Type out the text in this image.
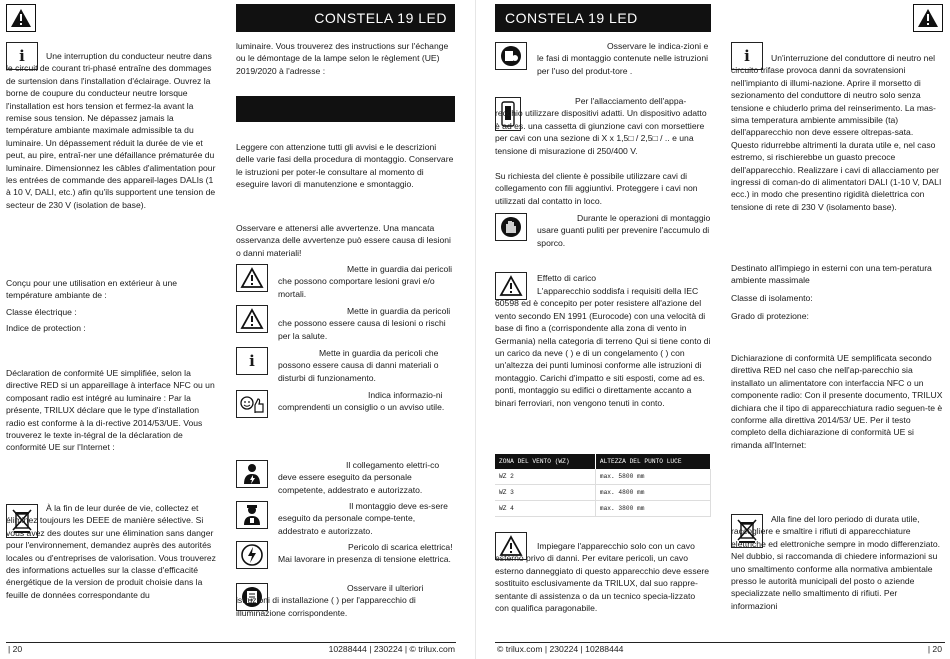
CONSTELA 19 LED
i	Une interruption du conducteur neutre dans le circuit de courant tri-phasé entraîne des dommages de surtension dans l'installation d'éclairage. Ouvrez la borne de coupure du conducteur neutre lorsque l'installation est hors tension et fermez-la avant la remise sous tension. Ne dépassez jamais la température ambiante maximale admissible ta du luminaire. Un dépassement réduit la durée de vie et peut, au pire, entraî-ner une défaillance prématurée du luminaire. Dimensionnez les câbles d'alimentation pour les entrées de commande des appareil-lages DALIs (1 à 10 V, DALI, etc.) afin qu'ils supportent une tension de secteur de 230 V (isolation de base).

Conçu pour une utilisation en extérieur à une température ambiante de :

Classe électrique :

Indice de protection :

Déclaration de conformité UE simplifiée, selon la directive RED si un appareillage à interface NFC ou un composant radio est intégré au luminaire : Par la présente, TRILUX déclare que le type d'installation radio est conforme à la di-rective 2014/53/UE. Vous trouverez le texte in-tégral de la déclaration de conformité UE sur l'Internet :

À la fin de leur durée de vie, collectez et éliminez toujours les DEEE de manière sélective. Si vous avez des doutes sur une élimination sans danger pour l'environnement, demandez auprès des autorités locales ou d'entreprises de valorisation. Vous trouverez des informations actuelles sur la classe d'efficacité énergétique de la version de produit choisie dans la feuille de données correspondante du

luminaire. Vous trouverez des instructions sur l'échange ou le démontage de la lampe selon le règlement (UE) 2019/2020 à l'adresse :

Leggere con attenzione tutti gli avvisi e le descrizioni delle varie fasi della procedura di montaggio. Conservare le istruzioni per poter-le consultare al momento di eseguire lavori di manutenzione e smontaggio.

Osservare e attenersi alle avvertenze. Una mancata osservanza delle avvertenze può essere causa di lesioni o danni materiali!

Mette in guardia dai pericoli che possono comportare lesioni gravi e/o mortali.

Mette in guardia da pericoli che possono essere causa di lesioni o rischi per la salute.

i	Mette in guardia da pericoli che possono essere causa di danni materiali o disturbi di funzionamento.

Indica informazio-ni comprendenti un consiglio o un avviso utile.

Il collegamento elettri-co deve essere eseguito da personale competente, addestrato e autorizzato.

Il montaggio deve es-sere eseguito da personale compe-tente, addestrato e autorizzato.

Pericolo di scarica elettrica! Mai lavorare in presenza di tensione elettrica.

Osservare il ulteriori istruzioni di installazione ( ) per l'apparecchio di illuminazione corrispondente.

| 20	10288444 | 230224 | © trilux.com
CONSTELA 19 LED

Osservare le indica-zioni e le fasi di montaggio contenute nelle istruzioni per l'uso del produt-tore .

Per l'allacciamento dell'appa-recchio utilizzare dispositivi adatti. Un dispositivo adatto è ad es. una cassetta di giunzione cavi con morsettiere per cavi con una sezione di X x 1,5□ / 2,5□ / .. e una tensione di misurazione di 250/400 V.

Su richiesta del cliente è possibile utilizzare cavi di collegamento con fili aggiuntivi. Proteggere i cavi non utilizzati dal contatto in loco.

Durante le operazioni di montaggio usare guanti puliti per prevenire l'accumulo di sporco.

Effetto di carico

L'apparecchio soddisfa i requisiti della IEC 60598 ed è concepito per poter resistere all'azione del vento secondo EN 1991 (Eurocode) con una velocità di base di fino a (corrispondente alla zona di vento in Germania) nella categoria di terreno Qui si tiene conto di un carico da neve ( ) e di un congelamento ( ) con un'altezza dei punti luminosi conforme alle istruzioni di montaggio. Carichi d'impatto e siti esposti, come ad es. ponti, montaggio su edifici o direttamente accanto a binari ferroviari, non vengono tenuti in conto.

ZONA DEL VENTO (WZ)	ALTEZZA DEL PUNTO LUCE
WZ 2	max. 5800 mm
WZ 3	max. 4800 mm
WZ 4	max. 3800 mm

Impiegare l'apparecchio solo con un cavo esterno privo di danni. Per evitare pericoli, un cavo esterno danneggiato di questo apparecchio deve essere sostituito esclusivamente da TRILUX, dal suo rappre-sentante di assistenza o da un tecnico specia-lizzato con qualifica paragonabile.

i	Un'interruzione del conduttore di neutro nel circuito trifase provoca danni da sovratensioni nell'impianto di illumi-nazione. Aprire il morsetto di sezionamento del conduttore di neutro solo senza tensione e chiuderlo prima del reinserimento. La mas-sima temperatura ambiente ammissibile (ta) dell'apparecchio non deve essere oltrepas-sata. Questo ridurrebbe altrimenti la durata utile e, nel caso estremo, si rischierebbe un guasto precoce dell'apparecchio. Realizzare i cavi di allacciamento per ingressi di coman-do di alimentatori DALI (1-10 V, DALI ecc.) in modo che presentino rigidità dielettrica con tensione di rete di 230 V (isolamento base).

Destinato all'impiego in esterni con una tem-peratura ambiente massimale

Classe di isolamento:

Grado di protezione:

Dichiarazione di conformità UE semplificata secondo direttiva RED nel caso che nell'ap-parecchio sia installato un alimentatore con interfaccia NFC o un componente radio: Con il presente documento, TRILUX dichiara che il tipo di apparecchiatura radio seguen-te è conforme alla direttiva 2014/53/ UE. Per il testo completo della dichiarazione di conformità UE si rimanda all'Internet:

Alla fine del loro periodo di durata utile, raccogliere e smaltire i rifiuti di apparecchiature elettriche ed elettroniche sempre in modo differenziato. Nel dubbio, si raccomanda di chiedere informazioni su uno smaltimento conforme alla normativa ambientale presso le autorità municipali del posto o aziende specializzate nello smaltimento di rifiuti. Per informazioni

© trilux.com | 230224 | 10288444	| 20
